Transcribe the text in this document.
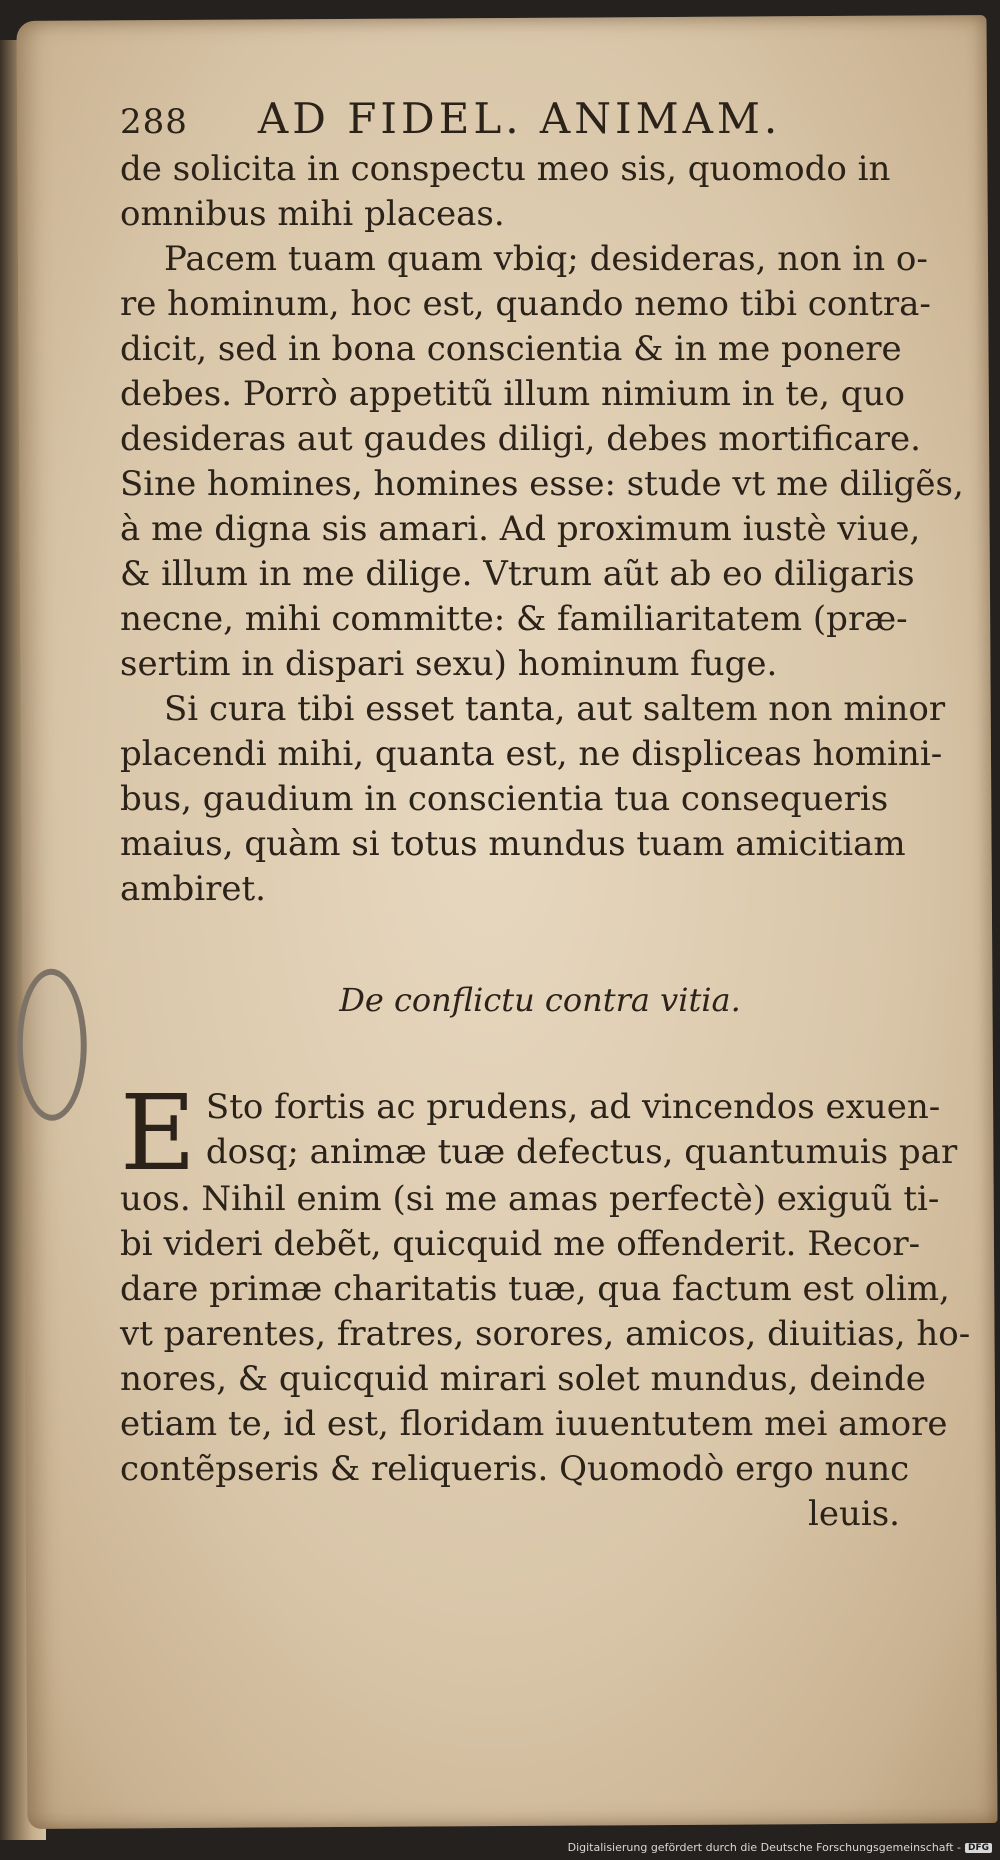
288 AD FIDEL. ANIMAM.
de solicita in conspectu meo sis, quomodo in
omnibus mihi placeas.
Pacem tuam quam vbiq; desideras, non in o-
re hominum, hoc est, quando nemo tibi contra-
dicit, sed in bona conscientia & in me ponere
debes. Porrò appetitũ illum nimium in te, quo
desideras aut gaudes diligi, debes mortificare.
Sine homines, homines esse: stude vt me diligẽs,
à me digna sis amari. Ad proximum iustè viue,
& illum in me dilige. Vtrum aũt ab eo diligaris
necne, mihi committe: & familiaritatem (præ-
sertim in dispari sexu) hominum fuge.
Si cura tibi esset tanta, aut saltem non minor
placendi mihi, quanta est, ne displiceas homini-
bus, gaudium in conscientia tua consequeris
maius, quàm si totus mundus tuam amicitiam
ambiret.
De conflictu contra vitia.
E Sto fortis ac prudens, ad vincendos exuen-
dosq; animæ tuæ defectus, quantumuis par
uos. Nihil enim (si me amas perfectè) exiguũ ti-
bi videri debẽt, quicquid me offenderit. Recor-
dare primæ charitatis tuæ, qua factum est olim,
vt parentes, fratres, sorores, amicos, diuitias, ho-
nores, & quicquid mirari solet mundus, deinde
etiam te, id est, floridam iuuentutem mei amore
contẽpseris & reliqueris. Quomodò ergo nunc
leuis.
Digitalisierung gefördert durch die Deutsche Forschungsgemeinschaft - DFG
